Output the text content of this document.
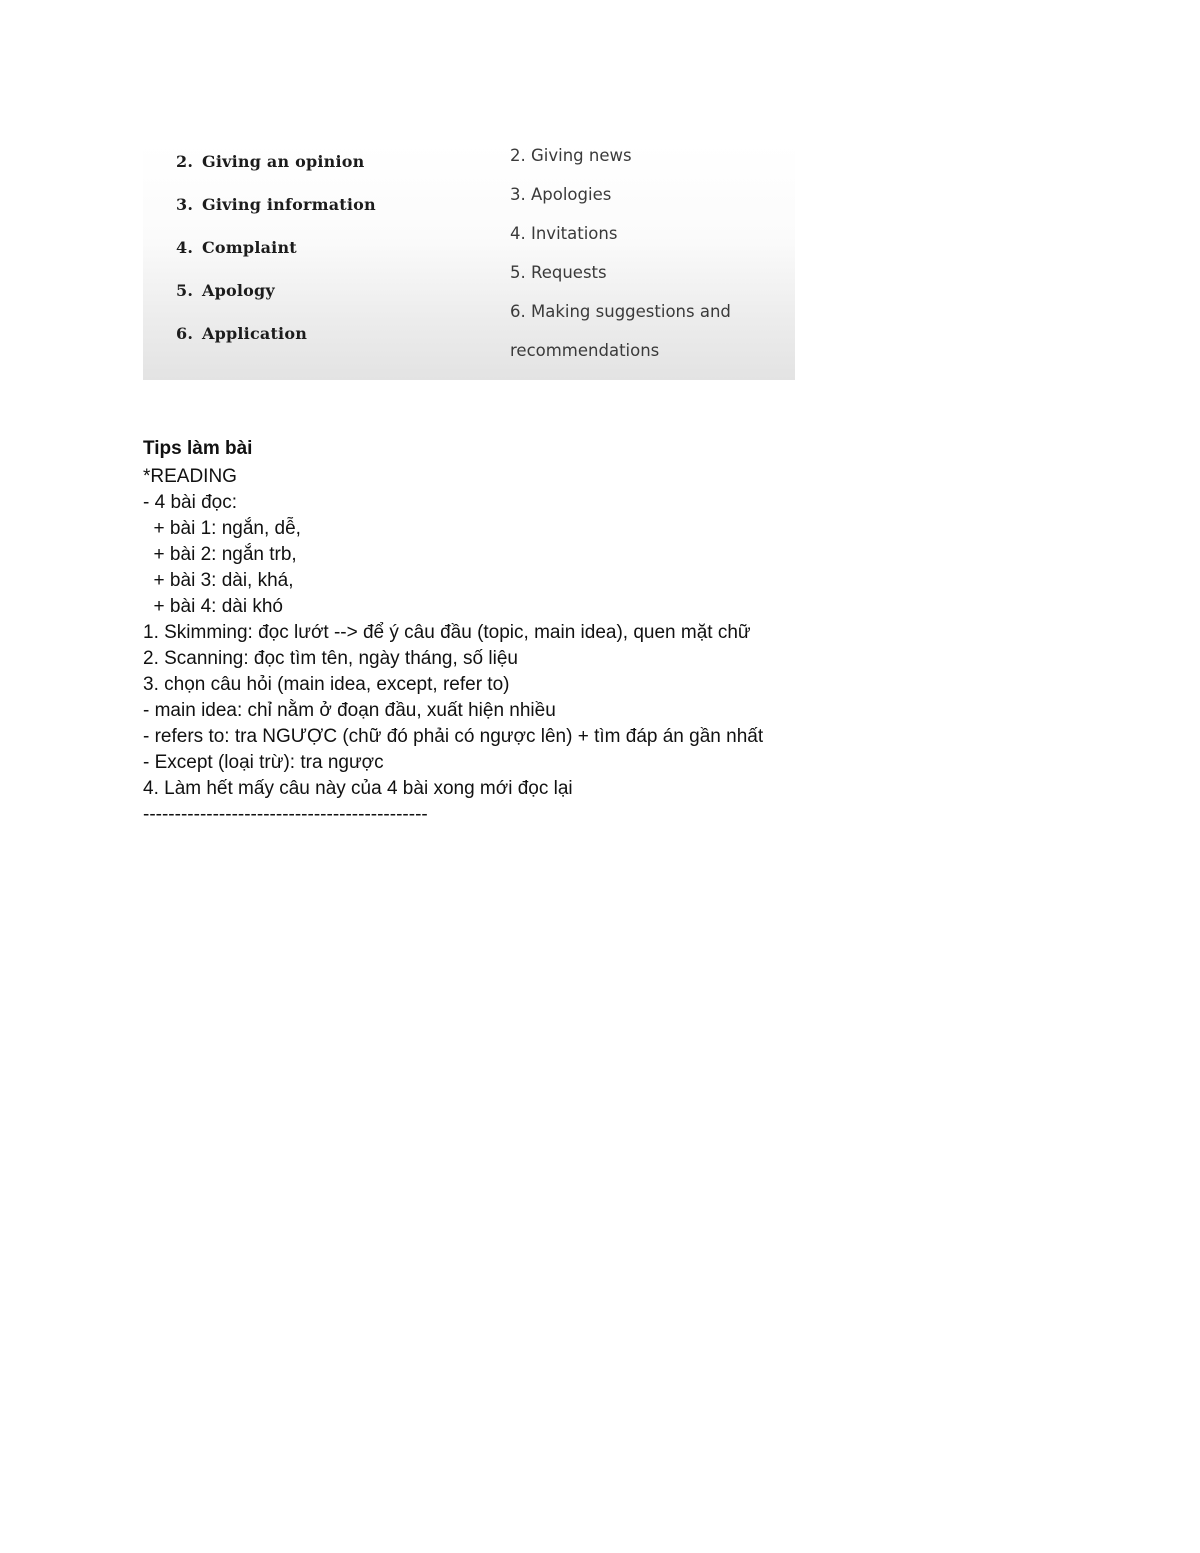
2. Giving an opinion
3. Giving information
4. Complaint
5. Apology
6. Application
2. Giving news
3. Apologies
4. Invitations
5. Requests
6. Making suggestions and
recommendations
Tips làm bài
*READING
- 4 bài đọc:
+ bài 1: ngắn, dễ,
+ bài 2: ngắn trb,
+ bài 3: dài, khá,
+ bài 4: dài khó
1. Skimming: đọc lướt --> để ý câu đầu (topic, main idea), quen mặt chữ
2. Scanning: đọc tìm tên, ngày tháng, số liệu
3. chọn câu hỏi (main idea, except, refer to)
- main idea: chỉ nằm ở đoạn đầu, xuất hiện nhiều
- refers to: tra NGƯỢC (chữ đó phải có ngược lên) + tìm đáp án gần nhất
- Except (loại trừ): tra ngược
4. Làm hết mấy câu này của 4 bài xong mới đọc lại
---------------------------------------------
